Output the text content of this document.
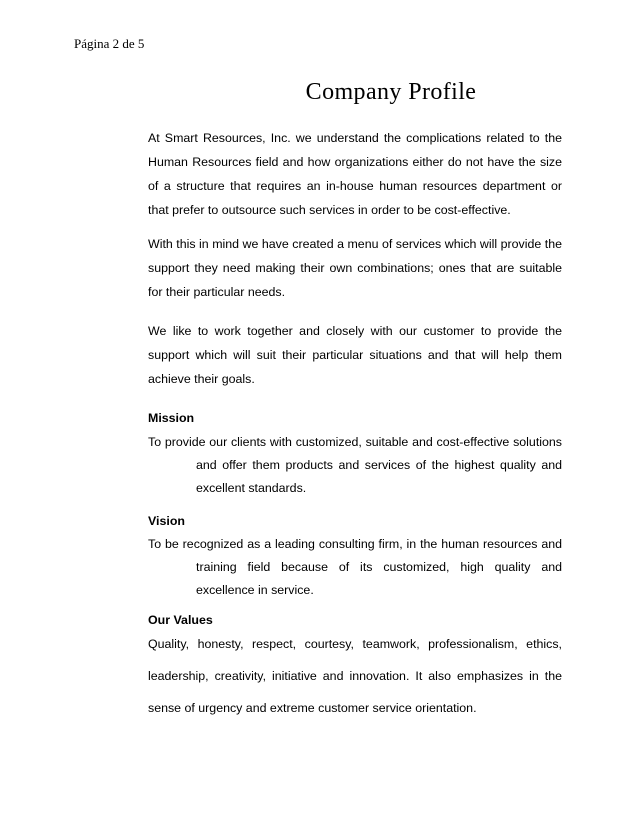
Página 2 de 5
Company Profile
At Smart Resources, Inc. we understand the complications related to the Human Resources field and how organizations either do not have the size of a structure that requires an in-house human resources department or that prefer to outsource such services in order to be cost-effective.
With this in mind we have created a menu of services which will provide the support they need making their own combinations; ones that are suitable for their particular needs.
We like to work together and closely with our customer to provide the support which will suit their particular situations and that will help them achieve their goals.
Mission
To provide our clients with customized, suitable and cost-effective solutions and offer them products and services of the highest quality and excellent standards.
Vision
To be recognized as a leading consulting firm, in the human resources and training field because of its customized, high quality and excellence in service.
Our Values
Quality, honesty, respect, courtesy, teamwork, professionalism, ethics, leadership, creativity, initiative and innovation. It also emphasizes in the sense of urgency and extreme customer service orientation.
